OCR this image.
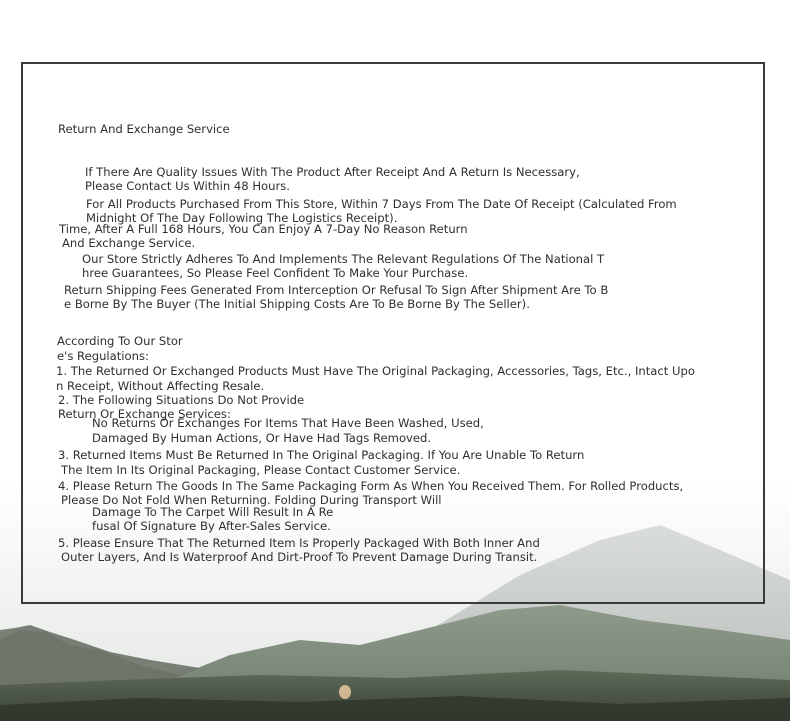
Return And Exchange Service

If There Are Quality Issues With The Product After Receipt And A Return Is Necessary,

Please Contact Us Within 48 Hours.

For All Products Purchased From This Store, Within 7 Days From The Date Of Receipt (Calculated From

Midnight Of The Day Following The Logistics Receipt).

Time, After A Full 168 Hours, You Can Enjoy A 7-Day No Reason Return

And Exchange Service.

Our Store Strictly Adheres To And Implements The Relevant Regulations Of The National T

hree Guarantees, So Please Feel Confident To Make Your Purchase.

Return Shipping Fees Generated From Interception Or Refusal To Sign After Shipment Are To B

e Borne By The Buyer (The Initial Shipping Costs Are To Be Borne By The Seller).

According To Our Stor

e's Regulations:

1. The Returned Or Exchanged Products Must Have The Original Packaging, Accessories, Tags, Etc., Intact Upo

n Receipt, Without Affecting Resale.

2. The Following Situations Do Not Provide

Return Or Exchange Services:

No Returns Or Exchanges For Items That Have Been Washed, Used,

Damaged By Human Actions, Or Have Had Tags Removed.

3. Returned Items Must Be Returned In The Original Packaging. If You Are Unable To Return

The Item In Its Original Packaging, Please Contact Customer Service.

4. Please Return The Goods In The Same Packaging Form As When You Received Them. For Rolled Products,

Please Do Not Fold When Returning. Folding During Transport Will

Damage To The Carpet Will Result In A Re

fusal Of Signature By After-Sales Service.

5. Please Ensure That The Returned Item Is Properly Packaged With Both Inner And

Outer Layers, And Is Waterproof And Dirt-Proof To Prevent Damage During Transit.
